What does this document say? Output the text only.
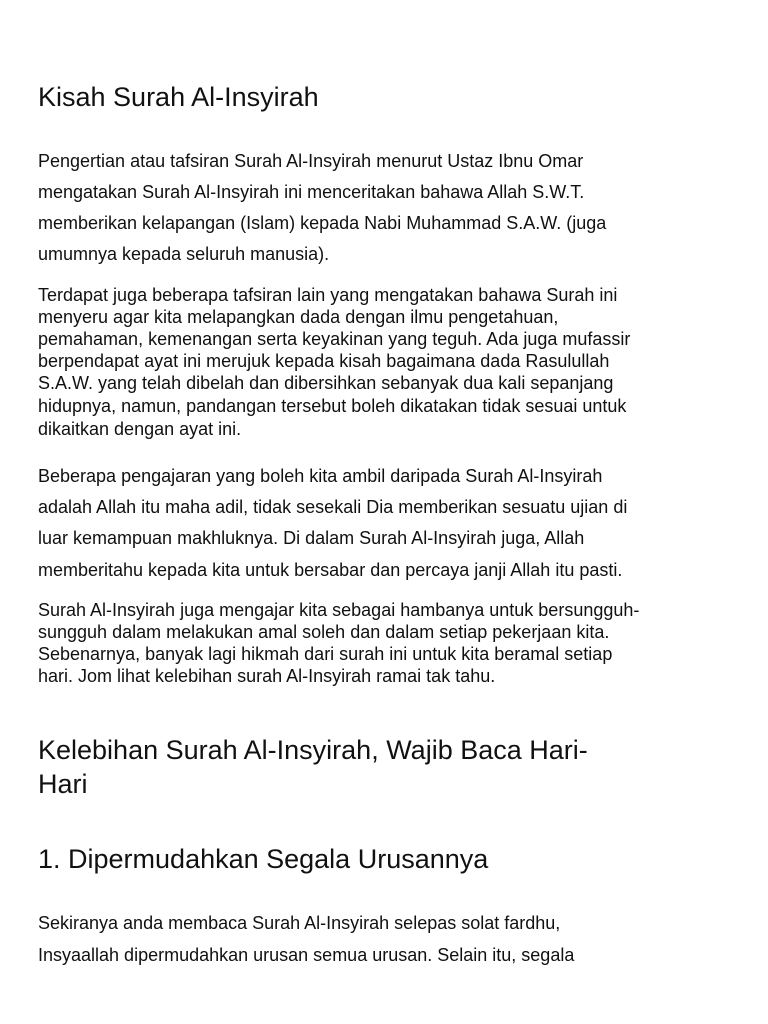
Kisah Surah Al-Insyirah

Pengertian atau tafsiran Surah Al-Insyirah menurut Ustaz Ibnu Omar

mengatakan Surah Al-Insyirah ini menceritakan bahawa Allah S.W.T.

memberikan kelapangan (Islam) kepada Nabi Muhammad S.A.W. (juga

umumnya kepada seluruh manusia).

Terdapat juga beberapa tafsiran lain yang mengatakan bahawa Surah ini

menyeru agar kita melapangkan dada dengan ilmu pengetahuan,

pemahaman, kemenangan serta keyakinan yang teguh. Ada juga mufassir

berpendapat ayat ini merujuk kepada kisah bagaimana dada Rasulullah

S.A.W. yang telah dibelah dan dibersihkan sebanyak dua kali sepanjang

hidupnya, namun, pandangan tersebut boleh dikatakan tidak sesuai untuk

dikaitkan dengan ayat ini.

Beberapa pengajaran yang boleh kita ambil daripada Surah Al-Insyirah

adalah Allah itu maha adil, tidak sesekali Dia memberikan sesuatu ujian di

luar kemampuan makhluknya. Di dalam Surah Al-Insyirah juga, Allah

memberitahu kepada kita untuk bersabar dan percaya janji Allah itu pasti.

Surah Al-Insyirah juga mengajar kita sebagai hambanya untuk bersungguh-

sungguh dalam melakukan amal soleh dan dalam setiap pekerjaan kita.

Sebenarnya, banyak lagi hikmah dari surah ini untuk kita beramal setiap

hari. Jom lihat kelebihan surah Al-Insyirah ramai tak tahu.

Kelebihan Surah Al-Insyirah, Wajib Baca Hari-
Hari
1. Dipermudahkan Segala Urusannya

Sekiranya anda membaca Surah Al-Insyirah selepas solat fardhu,

Insyaallah dipermudahkan urusan semua urusan. Selain itu, segala
